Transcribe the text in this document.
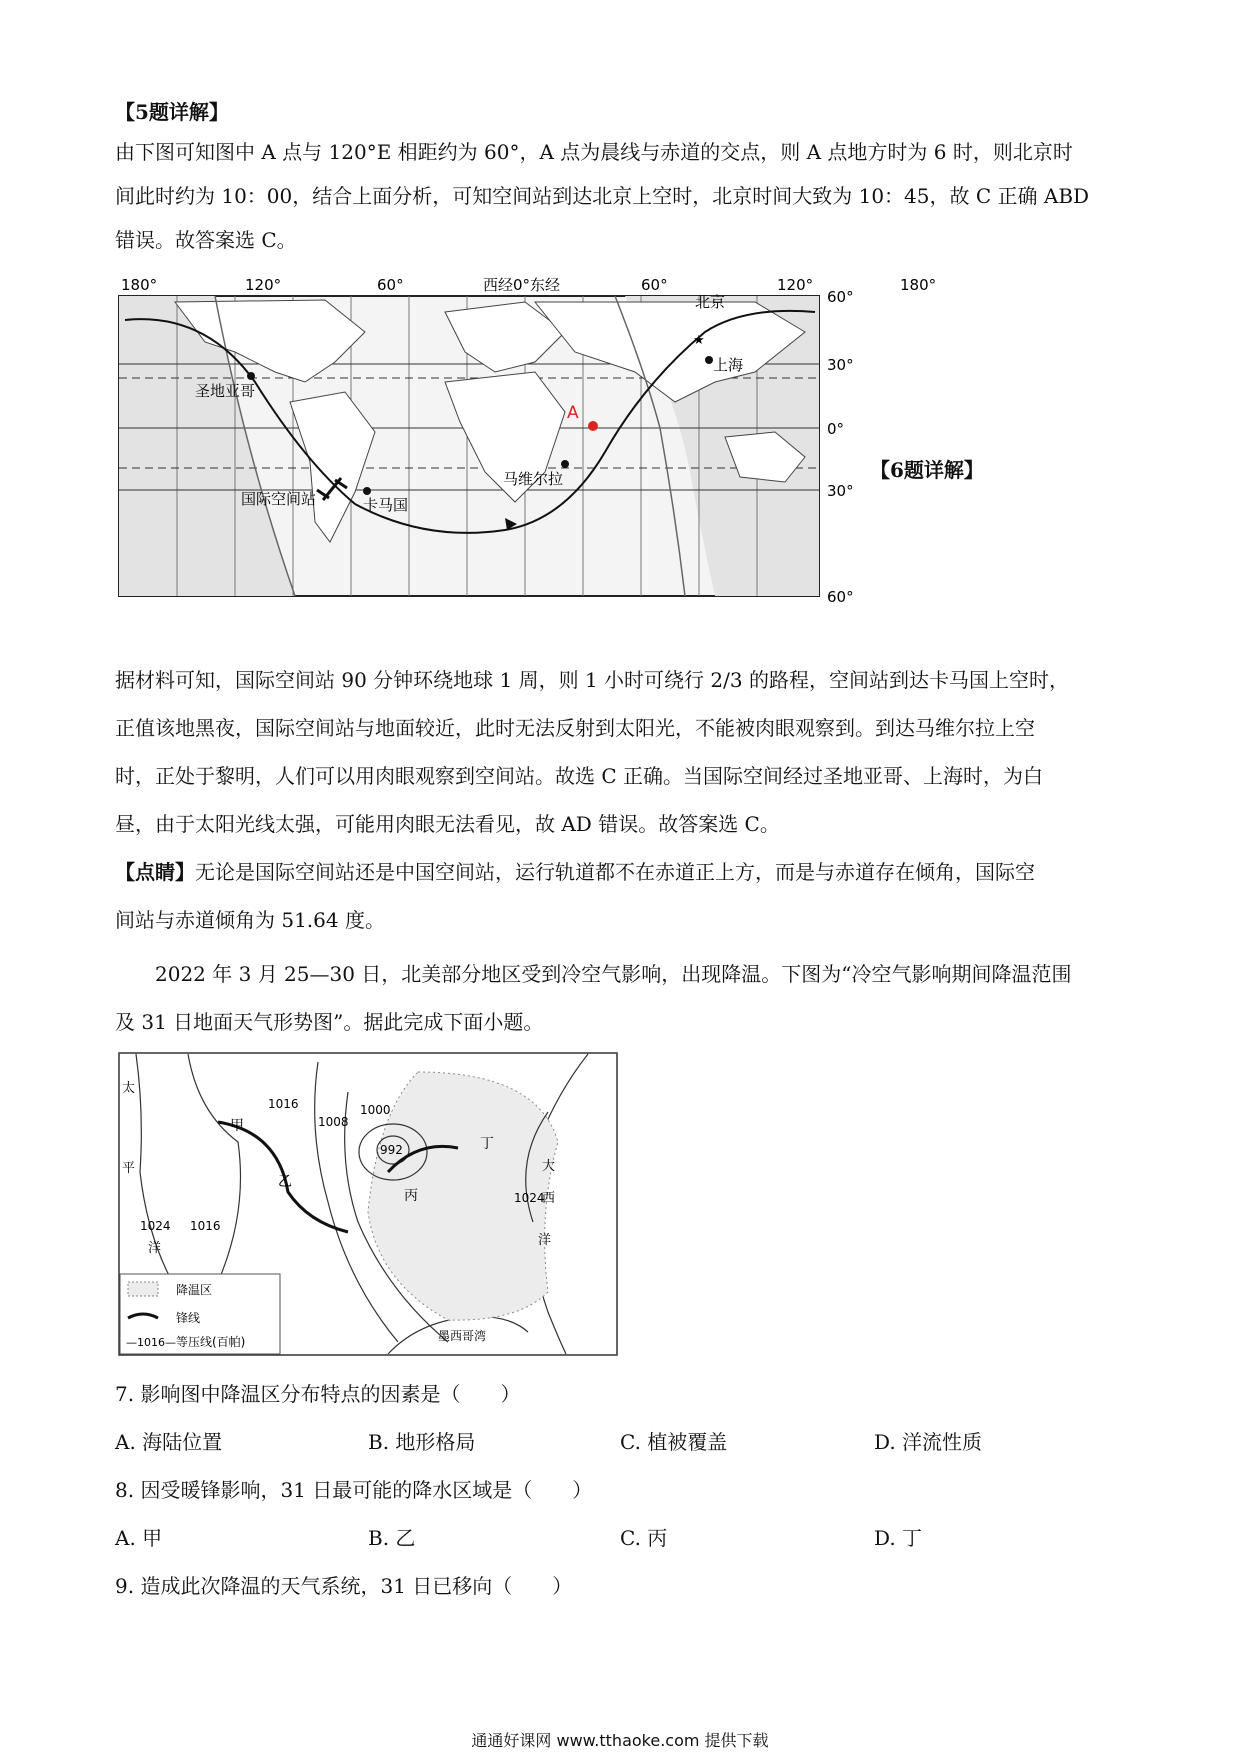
【5题详解】

由下图可知图中 A 点与 120°E 相距约为 60°，A 点为晨线与赤道的交点，则 A 点地方时为 6 时，则北京时

间此时约为 10：00，结合上面分析，可知空间站到达北京上空时，北京时间大致为 10：45，故 C 正确 ABD

错误。故答案选 C。

180°	120°	60°	西经0°东经	60°	120°	180°
圣地亚哥
卡马国
国际空间站
马维尔拉
A
北京
★
上海
60°
30°
0°
30°
60°

【6题详解】

据材料可知，国际空间站 90 分钟环绕地球 1 周，则 1 小时可绕行 2/3 的路程，空间站到达卡马国上空时，

正值该地黑夜，国际空间站与地面较近，此时无法反射到太阳光，不能被肉眼观察到。到达马维尔拉上空

时，正处于黎明，人们可以用肉眼观察到空间站。故选 C 正确。当国际空间经过圣地亚哥、上海时，为白

昼，由于太阳光线太强，可能用肉眼无法看见，故 AD 错误。故答案选 C。

【点睛】无论是国际空间站还是中国空间站，运行轨道都不在赤道正上方，而是与赤道存在倾角，国际空

间站与赤道倾角为 51.64 度。

2022 年 3 月 25—30 日，北美部分地区受到冷空气影响，出现降温。下图为“冷空气影响期间降温范围

及 31 日地面天气形势图”。据此完成下面小题。

甲
乙
丙
丁
1016
1008
1000
992
1024 1016
1024
太
平
洋
大
西
洋
墨西哥湾
降温区
锋线
—1016— 等压线(百帕)

7. 影响图中降温区分布特点的因素是（　　）

A. 海陆位置	B. 地形格局	C. 植被覆盖	D. 洋流性质

8. 因受暖锋影响，31 日最可能的降水区域是（　　）

A. 甲	B. 乙	C. 丙	D. 丁

9. 造成此次降温的天气系统，31 日已移向（　　）

通通好课网 www.tthaoke.com 提供下载
